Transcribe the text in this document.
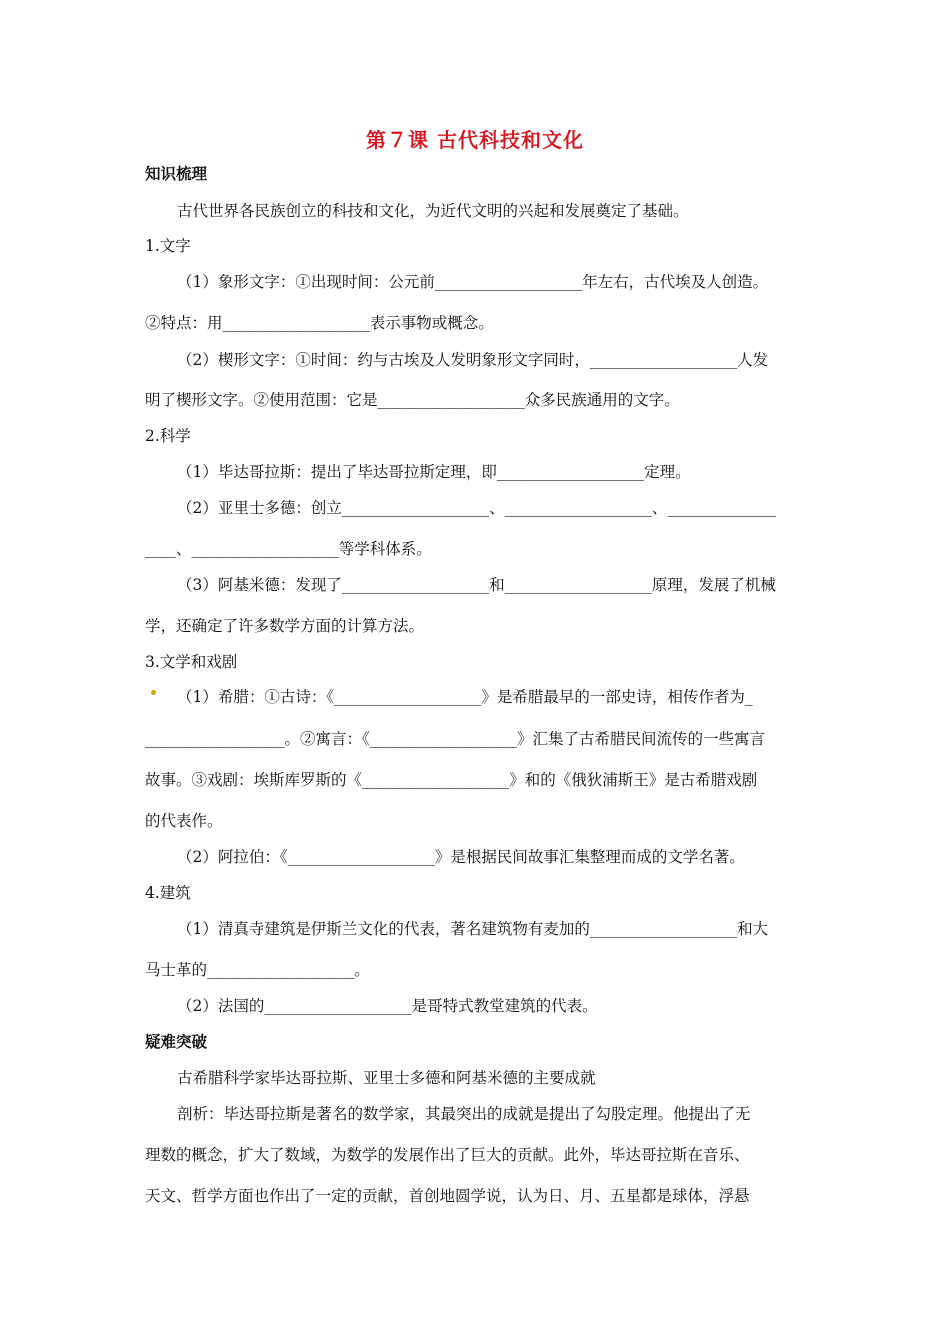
第７课 古代科技和文化
知识梳理
古代世界各民族创立的科技和文化，为近代文明的兴起和发展奠定了基础。
1.文字
（1）象形文字：①出现时间：公元前___________________年左右，古代埃及人创造。
②特点：用___________________表示事物或概念。
（2）楔形文字：①时间：约与古埃及人发明象形文字同时，___________________人发
明了楔形文字。②使用范围：它是___________________众多民族通用的文字。
2.科学
（1）毕达哥拉斯：提出了毕达哥拉斯定理，即___________________定理。
（2）亚里士多德：创立___________________、___________________、______________
____、___________________等学科体系。
（3）阿基米德：发现了___________________和___________________原理，发展了机械
学，还确定了许多数学方面的计算方法。
3.文学和戏剧
（1）希腊：①古诗：《___________________》是希腊最早的一部史诗，相传作者为_
__________________。②寓言：《___________________》汇集了古希腊民间流传的一些寓言
故事。③戏剧：埃斯库罗斯的《___________________》和的《俄狄浦斯王》是古希腊戏剧
的代表作。
（2）阿拉伯：《___________________》是根据民间故事汇集整理而成的文学名著。
4.建筑
（1）清真寺建筑是伊斯兰文化的代表，著名建筑物有麦加的___________________和大
马士革的___________________。
（2）法国的___________________是哥特式教堂建筑的代表。
疑难突破
古希腊科学家毕达哥拉斯、亚里士多德和阿基米德的主要成就
剖析：毕达哥拉斯是著名的数学家，其最突出的成就是提出了勾股定理。他提出了无
理数的概念，扩大了数域，为数学的发展作出了巨大的贡献。此外，毕达哥拉斯在音乐、
天文、哲学方面也作出了一定的贡献，首创地圆学说，认为日、月、五星都是球体，浮悬
